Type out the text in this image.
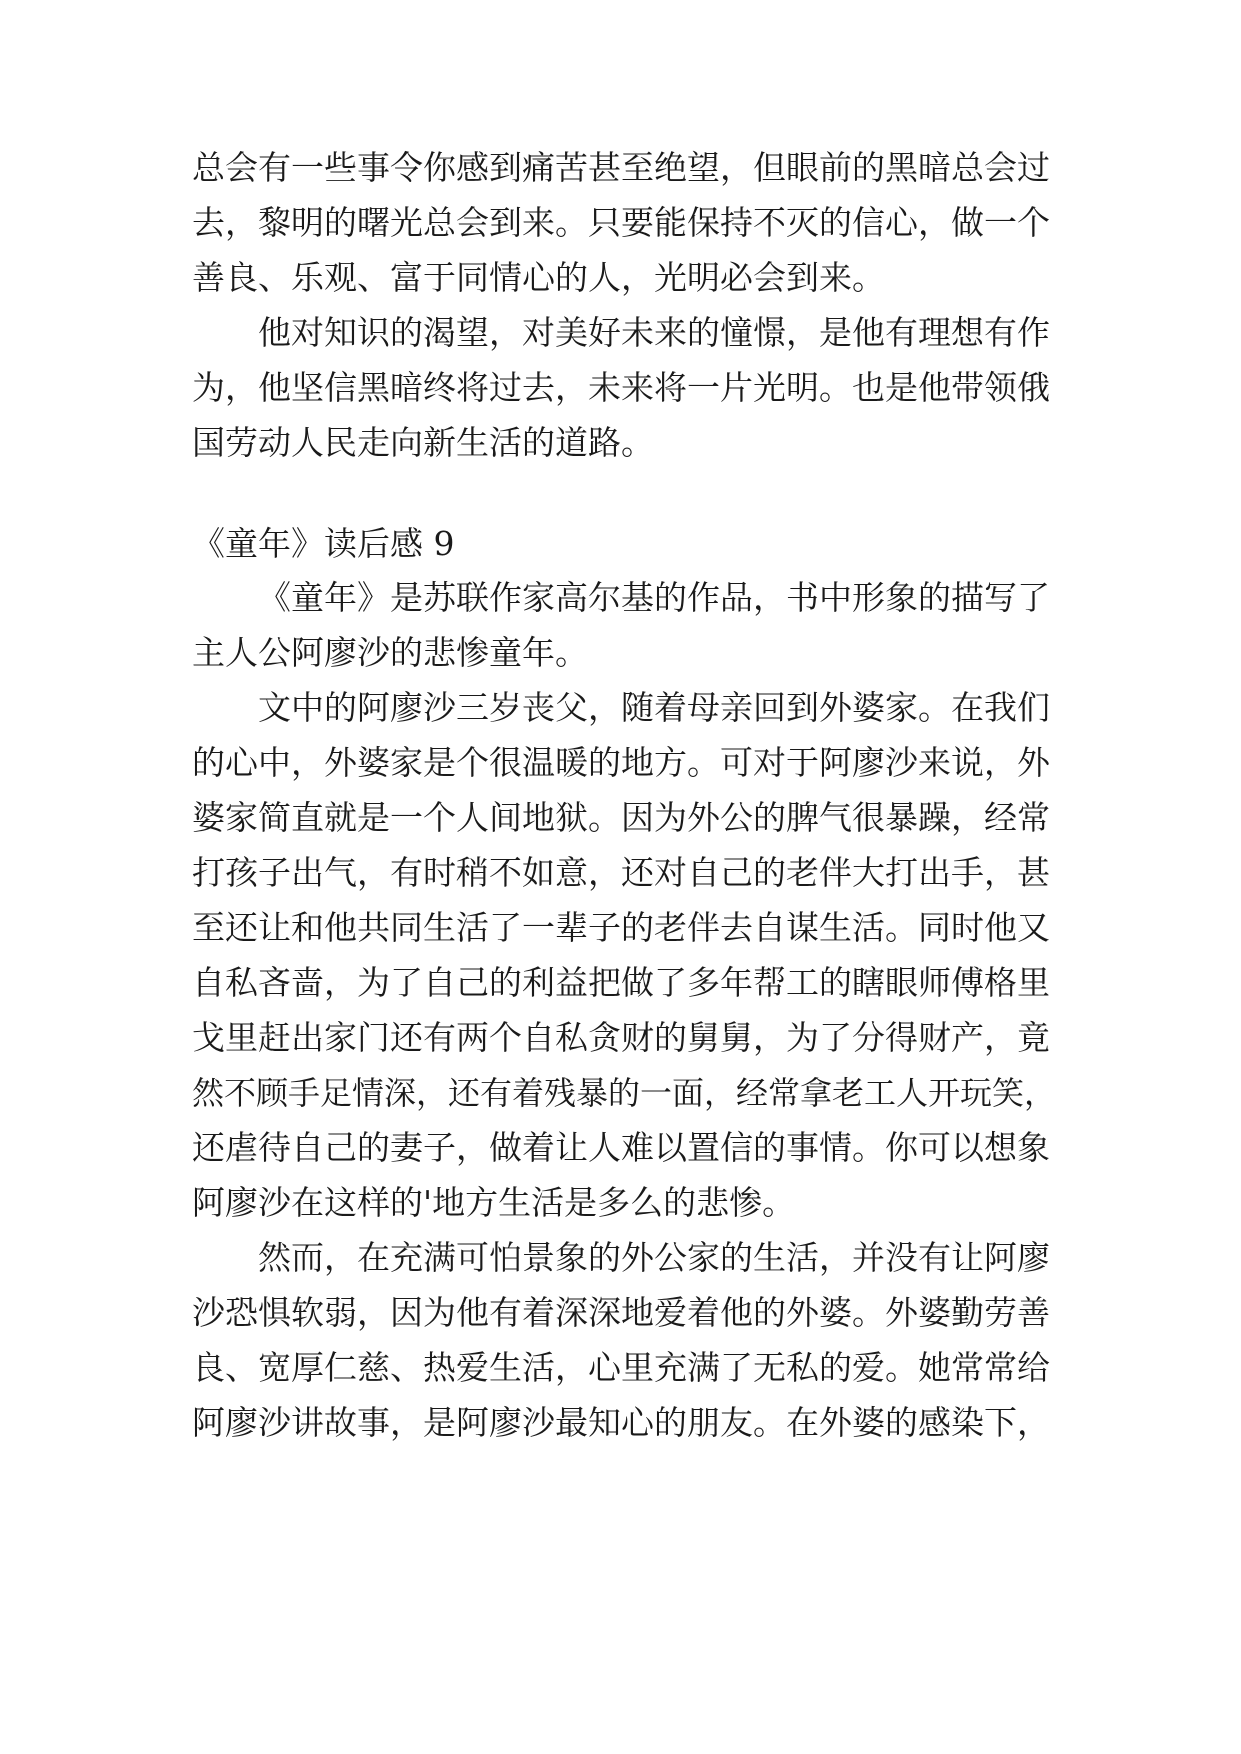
总会有一些事令你感到痛苦甚至绝望，但眼前的黑暗总会过
去，黎明的曙光总会到来。只要能保持不灭的信心，做一个
善良、乐观、富于同情心的人，光明必会到来。
他对知识的渴望，对美好未来的憧憬，是他有理想有作
为，他坚信黑暗终将过去，未来将一片光明。也是他带领俄
国劳动人民走向新生活的道路。
《童年》读后感 9
《童年》是苏联作家高尔基的作品，书中形象的描写了
主人公阿廖沙的悲惨童年。
文中的阿廖沙三岁丧父，随着母亲回到外婆家。在我们
的心中，外婆家是个很温暖的地方。可对于阿廖沙来说，外
婆家简直就是一个人间地狱。因为外公的脾气很暴躁，经常
打孩子出气，有时稍不如意，还对自己的老伴大打出手，甚
至还让和他共同生活了一辈子的老伴去自谋生活。同时他又
自私吝啬，为了自己的利益把做了多年帮工的瞎眼师傅格里
戈里赶出家门还有两个自私贪财的舅舅，为了分得财产，竟
然不顾手足情深，还有着残暴的一面，经常拿老工人开玩笑，
还虐待自己的妻子，做着让人难以置信的事情。你可以想象
阿廖沙在这样的'地方生活是多么的悲惨。
然而，在充满可怕景象的外公家的生活，并没有让阿廖
沙恐惧软弱，因为他有着深深地爱着他的外婆。外婆勤劳善
良、宽厚仁慈、热爱生活，心里充满了无私的爱。她常常给
阿廖沙讲故事，是阿廖沙最知心的朋友。在外婆的感染下，
